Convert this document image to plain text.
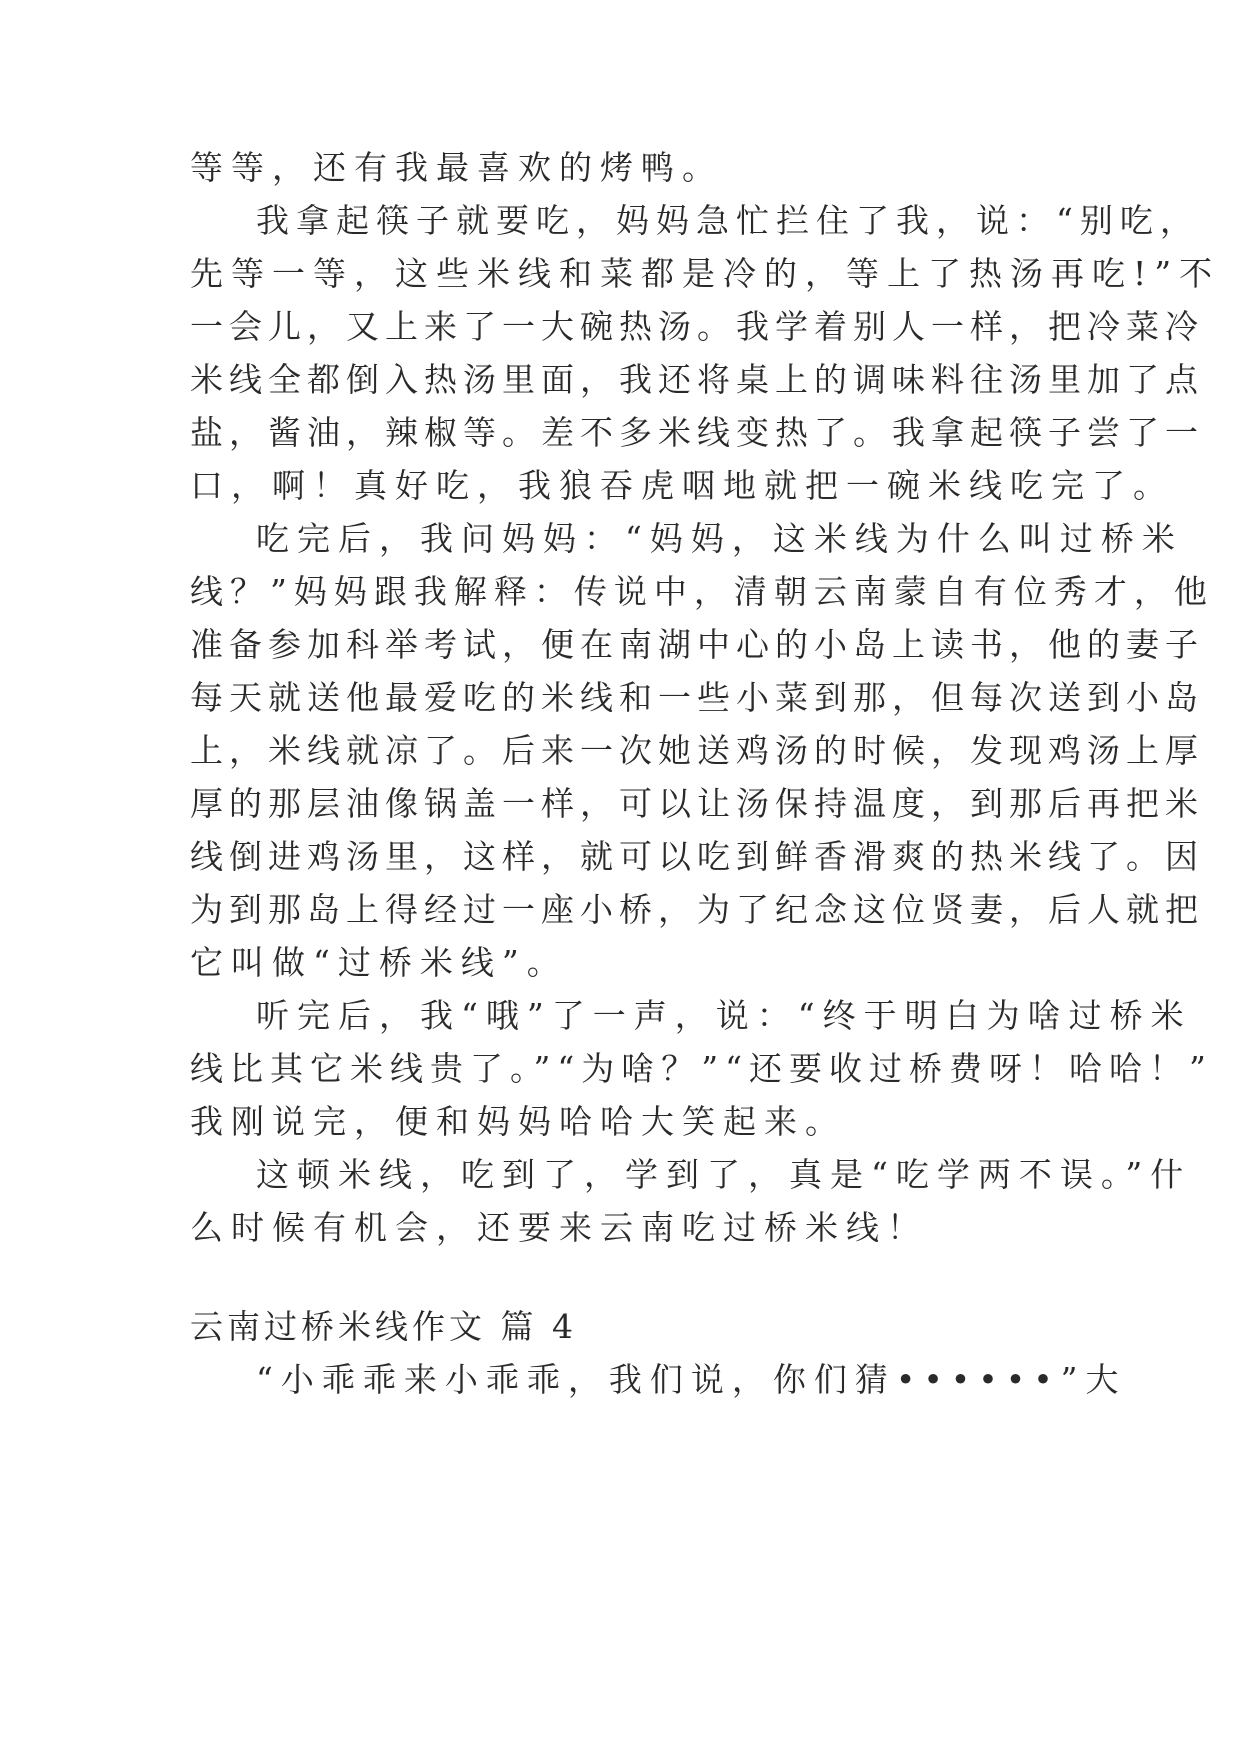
等等，还有我最喜欢的烤鸭。
我拿起筷子就要吃，妈妈急忙拦住了我，说：“别吃，
先等一等，这些米线和菜都是冷的，等上了热汤再吃!”不
一会儿，又上来了一大碗热汤。我学着别人一样，把冷菜冷
米线全都倒入热汤里面，我还将桌上的调味料往汤里加了点
盐，酱油，辣椒等。差不多米线变热了。我拿起筷子尝了一
口，啊！真好吃，我狼吞虎咽地就把一碗米线吃完了。
吃完后，我问妈妈：“妈妈，这米线为什么叫过桥米
线？”妈妈跟我解释：传说中，清朝云南蒙自有位秀才，他
准备参加科举考试，便在南湖中心的小岛上读书，他的妻子
每天就送他最爱吃的米线和一些小菜到那，但每次送到小岛
上，米线就凉了。后来一次她送鸡汤的时候，发现鸡汤上厚
厚的那层油像锅盖一样，可以让汤保持温度，到那后再把米
线倒进鸡汤里，这样，就可以吃到鲜香滑爽的热米线了。因
为到那岛上得经过一座小桥，为了纪念这位贤妻，后人就把
它叫做“过桥米线”。
听完后，我“哦”了一声，说：“终于明白为啥过桥米
线比其它米线贵了。”“为啥？”“还要收过桥费呀！哈哈！”
我刚说完，便和妈妈哈哈大笑起来。
这顿米线，吃到了，学到了，真是“吃学两不误。”什
么时候有机会，还要来云南吃过桥米线！
云南过桥米线作文 篇 4
“小乖乖来小乖乖，我们说，你们猜••••••”大
